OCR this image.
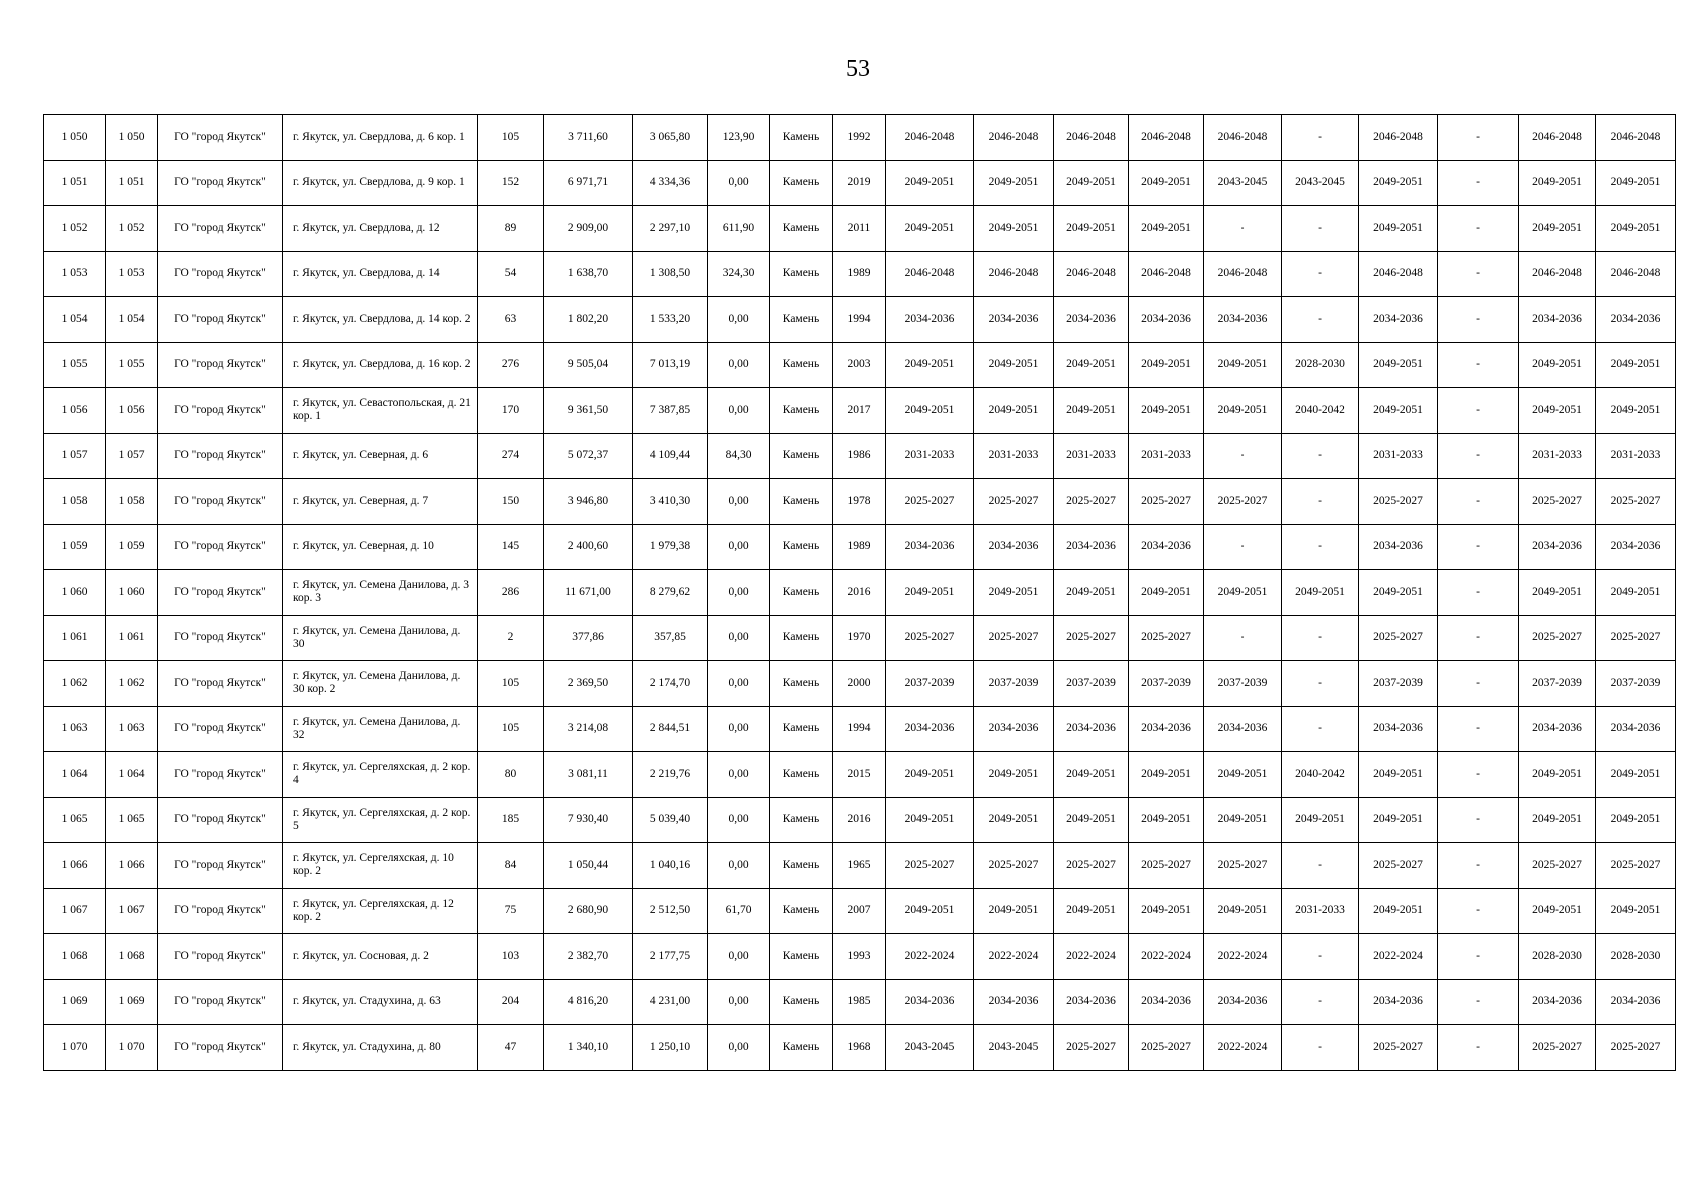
53
1 050	1 050	ГО "город Якутск"	г. Якутск, ул. Свердлова, д. 6 кор. 1	105	3 711,60	3 065,80	123,90	Камень	1992	2046-2048	2046-2048	2046-2048	2046-2048	2046-2048	-	2046-2048	-	2046-2048	2046-2048
1 051	1 051	ГО "город Якутск"	г. Якутск, ул. Свердлова, д. 9 кор. 1	152	6 971,71	4 334,36	0,00	Камень	2019	2049-2051	2049-2051	2049-2051	2049-2051	2043-2045	2043-2045	2049-2051	-	2049-2051	2049-2051
1 052	1 052	ГО "город Якутск"	г. Якутск, ул. Свердлова, д. 12	89	2 909,00	2 297,10	611,90	Камень	2011	2049-2051	2049-2051	2049-2051	2049-2051	-	-	2049-2051	-	2049-2051	2049-2051
1 053	1 053	ГО "город Якутск"	г. Якутск, ул. Свердлова, д. 14	54	1 638,70	1 308,50	324,30	Камень	1989	2046-2048	2046-2048	2046-2048	2046-2048	2046-2048	-	2046-2048	-	2046-2048	2046-2048
1 054	1 054	ГО "город Якутск"	г. Якутск, ул. Свердлова, д. 14 кор. 2	63	1 802,20	1 533,20	0,00	Камень	1994	2034-2036	2034-2036	2034-2036	2034-2036	2034-2036	-	2034-2036	-	2034-2036	2034-2036
1 055	1 055	ГО "город Якутск"	г. Якутск, ул. Свердлова, д. 16 кор. 2	276	9 505,04	7 013,19	0,00	Камень	2003	2049-2051	2049-2051	2049-2051	2049-2051	2049-2051	2028-2030	2049-2051	-	2049-2051	2049-2051
1 056	1 056	ГО "город Якутск"	г. Якутск, ул. Севастопольская, д. 21 кор. 1	170	9 361,50	7 387,85	0,00	Камень	2017	2049-2051	2049-2051	2049-2051	2049-2051	2049-2051	2040-2042	2049-2051	-	2049-2051	2049-2051
1 057	1 057	ГО "город Якутск"	г. Якутск, ул. Северная, д. 6	274	5 072,37	4 109,44	84,30	Камень	1986	2031-2033	2031-2033	2031-2033	2031-2033	-	-	2031-2033	-	2031-2033	2031-2033
1 058	1 058	ГО "город Якутск"	г. Якутск, ул. Северная, д. 7	150	3 946,80	3 410,30	0,00	Камень	1978	2025-2027	2025-2027	2025-2027	2025-2027	2025-2027	-	2025-2027	-	2025-2027	2025-2027
1 059	1 059	ГО "город Якутск"	г. Якутск, ул. Северная, д. 10	145	2 400,60	1 979,38	0,00	Камень	1989	2034-2036	2034-2036	2034-2036	2034-2036	-	-	2034-2036	-	2034-2036	2034-2036
1 060	1 060	ГО "город Якутск"	г. Якутск, ул. Семена Данилова, д. 3 кор. 3	286	11 671,00	8 279,62	0,00	Камень	2016	2049-2051	2049-2051	2049-2051	2049-2051	2049-2051	2049-2051	2049-2051	-	2049-2051	2049-2051
1 061	1 061	ГО "город Якутск"	г. Якутск, ул. Семена Данилова, д. 30	2	377,86	357,85	0,00	Камень	1970	2025-2027	2025-2027	2025-2027	2025-2027	-	-	2025-2027	-	2025-2027	2025-2027
1 062	1 062	ГО "город Якутск"	г. Якутск, ул. Семена Данилова, д. 30 кор. 2	105	2 369,50	2 174,70	0,00	Камень	2000	2037-2039	2037-2039	2037-2039	2037-2039	2037-2039	-	2037-2039	-	2037-2039	2037-2039
1 063	1 063	ГО "город Якутск"	г. Якутск, ул. Семена Данилова, д. 32	105	3 214,08	2 844,51	0,00	Камень	1994	2034-2036	2034-2036	2034-2036	2034-2036	2034-2036	-	2034-2036	-	2034-2036	2034-2036
1 064	1 064	ГО "город Якутск"	г. Якутск, ул. Сергеляхская, д. 2 кор. 4	80	3 081,11	2 219,76	0,00	Камень	2015	2049-2051	2049-2051	2049-2051	2049-2051	2049-2051	2040-2042	2049-2051	-	2049-2051	2049-2051
1 065	1 065	ГО "город Якутск"	г. Якутск, ул. Сергеляхская, д. 2 кор. 5	185	7 930,40	5 039,40	0,00	Камень	2016	2049-2051	2049-2051	2049-2051	2049-2051	2049-2051	2049-2051	2049-2051	-	2049-2051	2049-2051
1 066	1 066	ГО "город Якутск"	г. Якутск, ул. Сергеляхская, д. 10 кор. 2	84	1 050,44	1 040,16	0,00	Камень	1965	2025-2027	2025-2027	2025-2027	2025-2027	2025-2027	-	2025-2027	-	2025-2027	2025-2027
1 067	1 067	ГО "город Якутск"	г. Якутск, ул. Сергеляхская, д. 12 кор. 2	75	2 680,90	2 512,50	61,70	Камень	2007	2049-2051	2049-2051	2049-2051	2049-2051	2049-2051	2031-2033	2049-2051	-	2049-2051	2049-2051
1 068	1 068	ГО "город Якутск"	г. Якутск, ул. Сосновая, д. 2	103	2 382,70	2 177,75	0,00	Камень	1993	2022-2024	2022-2024	2022-2024	2022-2024	2022-2024	-	2022-2024	-	2028-2030	2028-2030
1 069	1 069	ГО "город Якутск"	г. Якутск, ул. Стадухина, д. 63	204	4 816,20	4 231,00	0,00	Камень	1985	2034-2036	2034-2036	2034-2036	2034-2036	2034-2036	-	2034-2036	-	2034-2036	2034-2036
1 070	1 070	ГО "город Якутск"	г. Якутск, ул. Стадухина, д. 80	47	1 340,10	1 250,10	0,00	Камень	1968	2043-2045	2043-2045	2025-2027	2025-2027	2022-2024	-	2025-2027	-	2025-2027	2025-2027
